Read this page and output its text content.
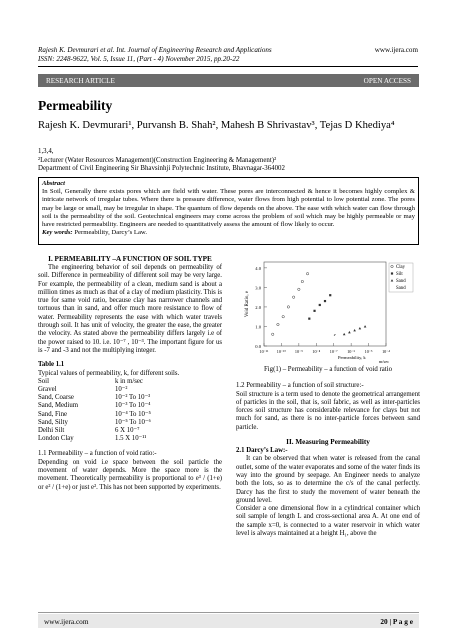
Rajesh K. Devmurari et al. Int. Journal of Engineering Research and Applications	www.ijera.com
ISSN: 2248-9622, Vol. 5, Issue 11, (Part - 4) November 2015, pp.20-22
RESEARCH ARTICLE	OPEN ACCESS
Permeability
Rajesh K. Devmurari¹, Purvansh B. Shah², Mahesh B Shrivastav³, Tejas D Khediya⁴
1,3,4,
²Lecturer (Water Resources Management)(Construction Engineering & Management)²
Department of Civil Engineering Sir Bhavsinhji Polytechnic Institute, Bhavnagar-364002
Abstract
In Soil, Generally there exists pores which are field with water. These pores are interconnected & hence it becomes highly complex & intricate network of irregular tubes. Where there is pressure difference, water flows from high potential to low potential zone. The pores may be large or small, may be irregular in shape. The quantum of flow depends on the above. The ease with which water can flow through soil is the permeability of the soil. Geotechnical engineers may come across the problem of soil which may be highly permeable or may have restricted permeability. Engineers are needed to quantitatively assess the amount of flow likely to occur.
Key words: Permeability, Darcy’s Law.
I. PERMEABILITY –A FUNCTION OF SOIL TYPE
The engineering behavior of soil depends on permeability of soil. Difference in permeability of different soil may be very large. For example, the permeability of a clean, medium sand is about a million times as much as that of a clay of medium plasticity. This is true for same void ratio, because clay has narrower channels and tortuous than in sand, and offer much more resistance to flow of water. Permeability represents the ease with which water travels through soil. It has unit of velocity, the greater the ease, the greater the velocity. As stated above the permeability differs largely i.e of the power raised to 10. i.e. 10⁻⁷ , 10⁻³. The important figure for us is -7 and -3 and not the multiplying integer.
Table 1.1
Typical values of permeability, k, for different soils.
Soil	k in m/sec
Gravel	10⁻²
Sand, Coarse	10⁻² To 10⁻³
Sand, Medium	10⁻³ To 10⁻⁴
Sand, Fine	10⁻⁴ To 10⁻⁵
Sand, Silty	10⁻⁵ To 10⁻⁶
Delhi Silt	6 X 10⁻⁷
London Clay	1.5 X 10⁻¹¹
1.1 Permeability – a function of void ratio:-
Depending on void i.e space between the soil particle the movement of water depends. More the space more is the movement. Theoretically permeability is proportional to e³ / (1+e) or e² / (1+e) or just e². This has not been supported by experiments.
0.0
1.0
2.0
3.0
4.0
10⁻¹¹ 10⁻¹⁰ 10⁻⁹ 10⁻⁸ 10⁻⁷ 10⁻⁶ 10⁻⁵ 10⁻⁴
Void Ratio, e
Permeability, k
m/sec
e
Clay
Silt
Sand
Sand
Fig(1) – Permeability – a function of void ratio
1.2 Permeability – a function of soil structure:-
Soil structure is a term used to denote the geometrical arrangement of particles in the soil, that is, soil fabric, as well as inter-particles forces soil structure has considerable relevance for clays but not much for sand, as there is no inter-particle forces between sand particle.
II. Measuring Permeability
2.1 Darcy’s Law:-
It can be observed that when water is released from the canal outlet, some of the water evaporates and some of the water finds its way into the ground by seepage. An Engineer needs to analyze both the lots, so as to determine the c/s of the canal perfectly. Darcy has the first to study the movement of water beneath the ground level.
Consider a one dimensional flow in a cylindrical container which soil sample of length L and cross-sectional area A. At one end of the sample x=0, is connected to a water reservoir in which water level is always maintained at a height H₁, above the
www.ijera.com	20 | P a g e
